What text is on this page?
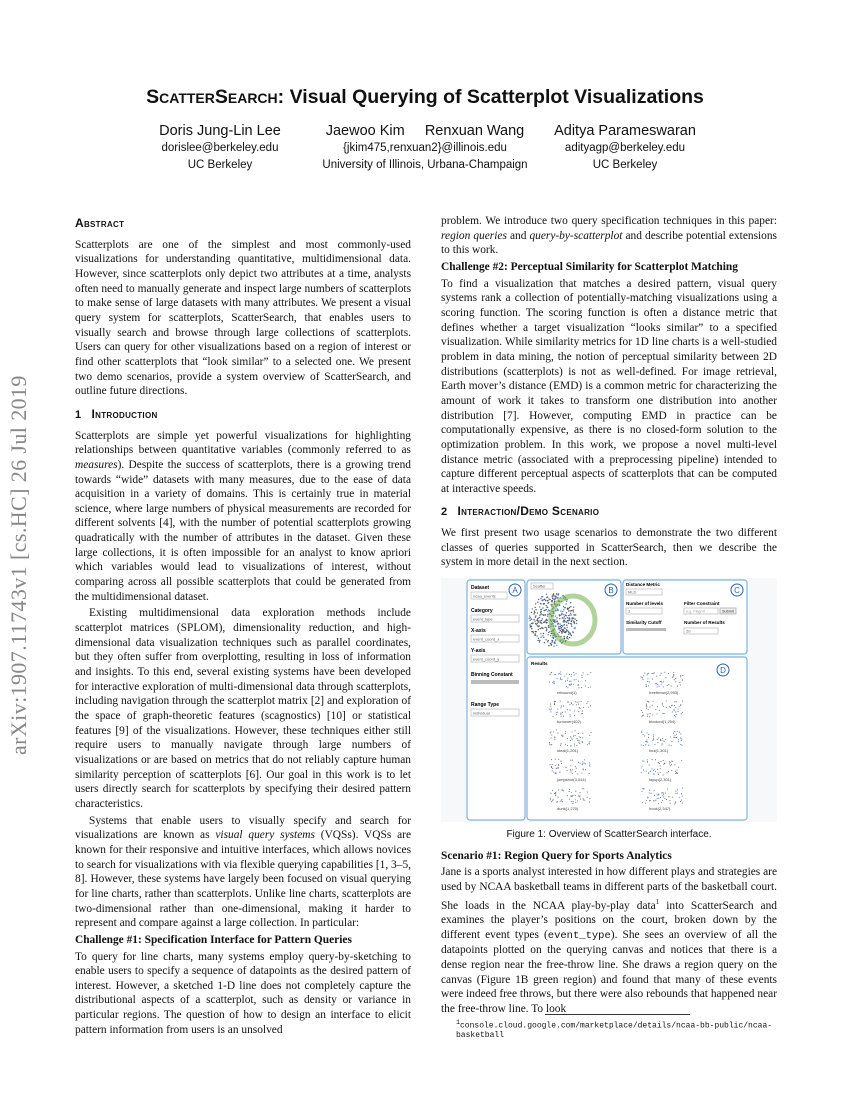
arXiv:1907.11743v1 [cs.HC] 26 Jul 2019
ScatterSearch: Visual Querying of Scatterplot Visualizations
Doris Jung-Lin Lee
dorislee@berkeley.edu
UC Berkeley
Jaewoo Kim     Renxuan Wang
{jkim475,renxuan2}@illinois.edu
University of Illinois, Urbana-Champaign
Aditya Parameswaran
adityagp@berkeley.edu
UC Berkeley
Abstract

Scatterplots are one of the simplest and most commonly-used visualizations for understanding quantitative, multidimensional data. However, since scatterplots only depict two attributes at a time, analysts often need to manually generate and inspect large numbers of scatterplots to make sense of large datasets with many attributes. We present a visual query system for scatterplots, ScatterSearch, that enables users to visually search and browse through large collections of scatterplots. Users can query for other visualizations based on a region of interest or find other scatterplots that “look similar” to a selected one. We present two demo scenarios, provide a system overview of ScatterSearch, and outline future directions.

1 Introduction

Scatterplots are simple yet powerful visualizations for highlighting relationships between quantitative variables (commonly referred to as measures). Despite the success of scatterplots, there is a growing trend towards “wide” datasets with many measures, due to the ease of data acquisition in a variety of domains. This is certainly true in material science, where large numbers of physical measurements are recorded for different solvents [4], with the number of potential scatterplots growing quadratically with the number of attributes in the dataset. Given these large collections, it is often impossible for an analyst to know apriori which variables would lead to visualizations of interest, without comparing across all possible scatterplots that could be generated from the multidimensional dataset.

Existing multidimensional data exploration methods include scatterplot matrices (SPLOM), dimensionality reduction, and high-dimensional data visualization techniques such as parallel coordinates, but they often suffer from overplotting, resulting in loss of information and insights. To this end, several existing systems have been developed for interactive exploration of multi-dimensional data through scatterplots, including navigation through the scatterplot matrix [2] and exploration of the space of graph-theoretic features (scagnostics) [10] or statistical features [9] of the visualizations. However, these techniques either still require users to manually navigate through large numbers of visualizations or are based on metrics that do not reliably capture human similarity perception of scatterplots [6]. Our goal in this work is to let users directly search for scatterplots by specifying their desired pattern characteristics.

Systems that enable users to visually specify and search for visualizations are known as visual query systems (VQSs). VQSs are known for their responsive and intuitive interfaces, which allows novices to search for visualizations with via flexible querying capabilities [1, 3–5, 8]. However, these systems have largely been focused on visual querying for line charts, rather than scatterplots. Unlike line charts, scatterplots are two-dimensional rather than one-dimensional, making it harder to represent and compare against a large collection. In particular:

Challenge #1: Specification Interface for Pattern Queries

To query for line charts, many systems employ query-by-sketching to enable users to specify a sequence of datapoints as the desired pattern of interest. However, a sketched 1-D line does not completely capture the distributional aspects of a scatterplot, such as density or variance in particular regions. The question of how to design an interface to elicit pattern information from users is an unsolved

problem. We introduce two query specification techniques in this paper: region queries and query-by-scatterplot and describe potential extensions to this work.

Challenge #2: Perceptual Similarity for Scatterplot Matching

To find a visualization that matches a desired pattern, visual query systems rank a collection of potentially-matching visualizations using a scoring function. The scoring function is often a distance metric that defines whether a target visualization “looks similar” to a specified visualization. While similarity metrics for 1D line charts is a well-studied problem in data mining, the notion of perceptual similarity between 2D distributions (scatterplots) is not as well-defined. For image retrieval, Earth mover’s distance (EMD) is a common metric for characterizing the amount of work it takes to transform one distribution into another distribution [7]. However, computing EMD in practice can be computationally expensive, as there is no closed-form solution to the optimization problem. In this work, we propose a novel multi-level distance metric (associated with a preprocessing pipeline) intended to capture different perceptual aspects of scatterplots that can be computed at interactive speeds.

2 Interaction/Demo Scenario

We first present two usage scenarios to demonstrate the two different classes of queries supported in ScatterSearch, then we describe the system in more detail in the next section.

A
Dataset
ncaa_events
Category
event_type
X-axis
event_coord_x
Y-axis
event_coord_y
Binning Constant
Range Type
individual
B
Scatter	C
Distance Metric
MLD
Number of levels
3
Similarity Cutoff
Filter Constraint
e.g. Flag=0	Submit
Number of Results
20
D
Results
rebound(1)	freethrow(2,993)
turnover(402)	blocked(1,254)
steal(1,201)	foul(1,301)
jumpshot(3,044)	layup(2,301)
dunk(1,270)	hook(2,347)
Figure 1: Overview of ScatterSearch interface.

Scenario #1: Region Query for Sports Analytics

Jane is a sports analyst interested in how different plays and strategies are used by NCAA basketball teams in different parts of the basketball court. She loads in the NCAA play-by-play data$^1$ into ScatterSearch and examines the player’s positions on the court, broken down by the different event types (event_type). She sees an overview of all the datapoints plotted on the querying canvas and notices that there is a dense region near the free-throw line. She draws a region query on the canvas (Figure 1B green region) and found that many of these events were indeed free throws, but there were also rebounds that happened near the free-throw line. To look

$^1$console.cloud.google.com/marketplace/details/ncaa-bb-public/ncaa-basketball
